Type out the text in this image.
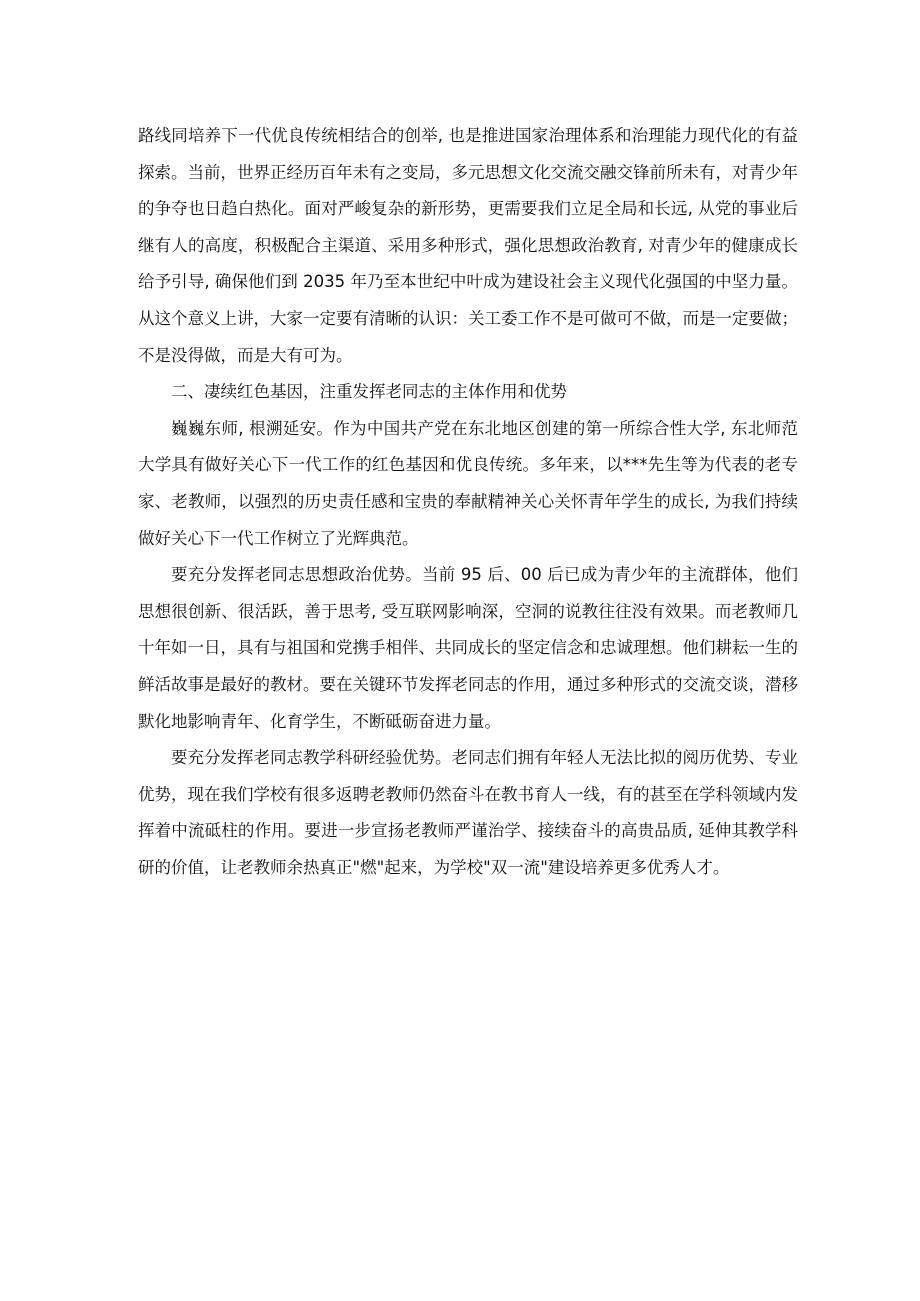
路线同培养下一代优良传统相结合的创举, 也是推进国家治理体系和治理能力现代化的有益探索。当前，世界正经历百年未有之变局，多元思想文化交流交融交锋前所未有，对青少年的争夺也日趋白热化。面对严峻复杂的新形势，更需要我们立足全局和长远, 从党的事业后继有人的高度，积极配合主渠道、采用多种形式，强化思想政治教育, 对青少年的健康成长给予引导, 确保他们到 2035 年乃至本世纪中叶成为建设社会主义现代化强国的中坚力量。从这个意义上讲，大家一定要有清晰的认识：关工委工作不是可做可不做，而是一定要做；不是没得做，而是大有可为。

二、凄续红色基因，注重发挥老同志的主体作用和优势

巍巍东师, 根溯延安。作为中国共产党在东北地区创建的第一所综合性大学, 东北师范大学具有做好关心下一代工作的红色基因和优良传统。多年来，以***先生等为代表的老专家、老教师，以强烈的历史责任感和宝贵的奉献精神关心关怀青年学生的成长, 为我们持续做好关心下一代工作树立了光辉典范。

要充分发挥老同志思想政治优势。当前 95 后、00 后已成为青少年的主流群体，他们思想很创新、很活跃，善于思考, 受互联网影响深，空洞的说教往往没有效果。而老教师几十年如一日，具有与祖国和党携手相伴、共同成长的坚定信念和忠诚理想。他们耕耘一生的鲜活故事是最好的教材。要在关键环节发挥老同志的作用，通过多种形式的交流交谈，潜移默化地影响青年、化育学生，不断砥砺奋进力量。

要充分发挥老同志教学科研经验优势。老同志们拥有年轻人无法比拟的阅历优势、专业优势，现在我们学校有很多返聘老教师仍然奋斗在教书育人一线，有的甚至在学科领域内发挥着中流砥柱的作用。要进一步宣扬老教师严谨治学、接续奋斗的高贵品质, 延伸其教学科研的价值，让老教师余热真正"燃"起来，为学校"双一流"建设培养更多优秀人才。
